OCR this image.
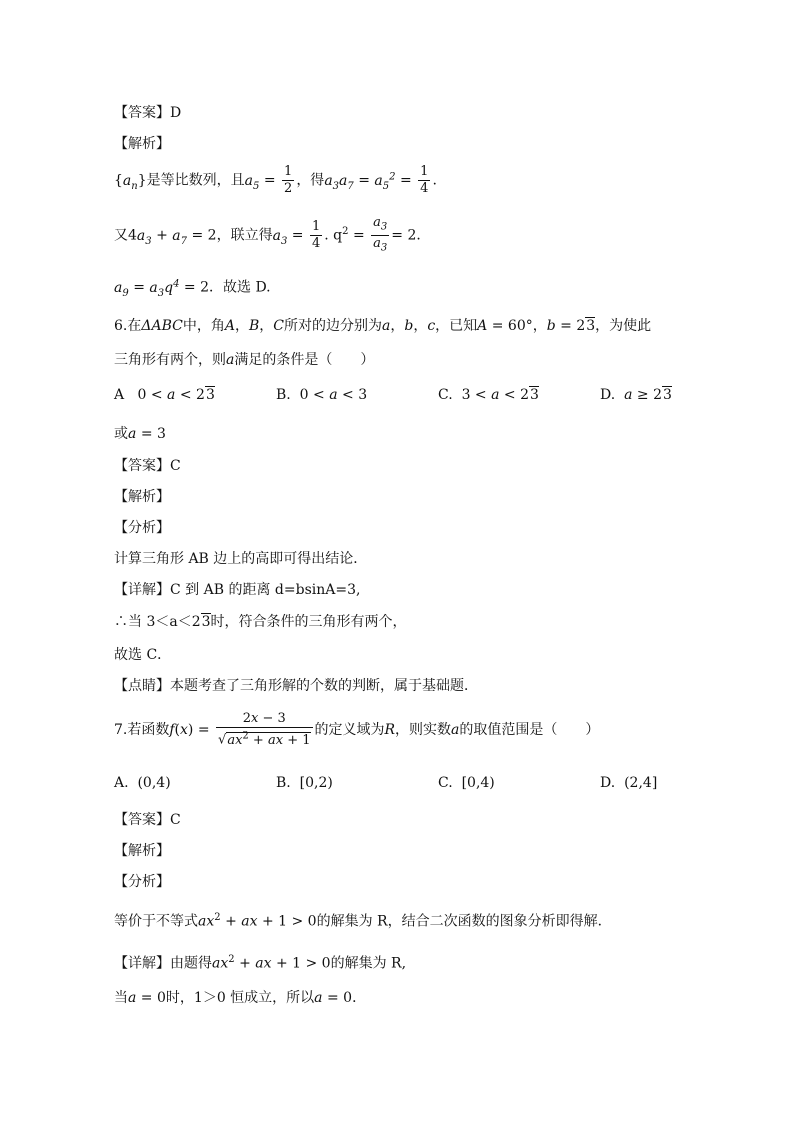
【答案】D
【解析】
$\{a_n\}$是等比数列，且$a_5 = \frac{1}{2}$ ，得$a_3a_7 = a_5^2 = \frac{1}{4}$ .
又$4a_3 + a_7 = 2$，联立得$a_3 = \frac{1}{4}$ . $q^2 = \frac{a_3}{a_3} = 2$．
$a_9 = a_3q^4 = 2$．故选 D.
6.在ΔABC中，角A，B，C所对的边分别为a，b，c，已知A = 60°，b = 23，为使此
三角形有两个，则a满足的条件是（　　）
A 0 < a < 23	B. 0 < a < 3	C. 3 < a < 23	D. a ≥ 23
或a = 3
【答案】C
【解析】
【分析】
计算三角形 AB 边上的高即可得出结论．
【详解】C 到 AB 的距离 d=bsinA=3,
∴当 3＜a＜23时，符合条件的三角形有两个，
故选 C．
【点睛】本题考查了三角形解的个数的判断，属于基础题．
7.若函数$f(x) = \frac{2x - 3}{√ax^2 + ax + 1}$ 的定义域为R，则实数a的取值范围是（　　）
A. (0,4)	B. [0,2)	C. [0,4)	D. (2,4]
【答案】C
【解析】
【分析】
等价于不等式$ax^2$ + ax + 1 > 0的解集为 R，结合二次函数的图象分析即得解．
【详解】由题得$ax^2$ + ax + 1 > 0的解集为 R,
当a = 0时，1＞0 恒成立，所以a = 0．
